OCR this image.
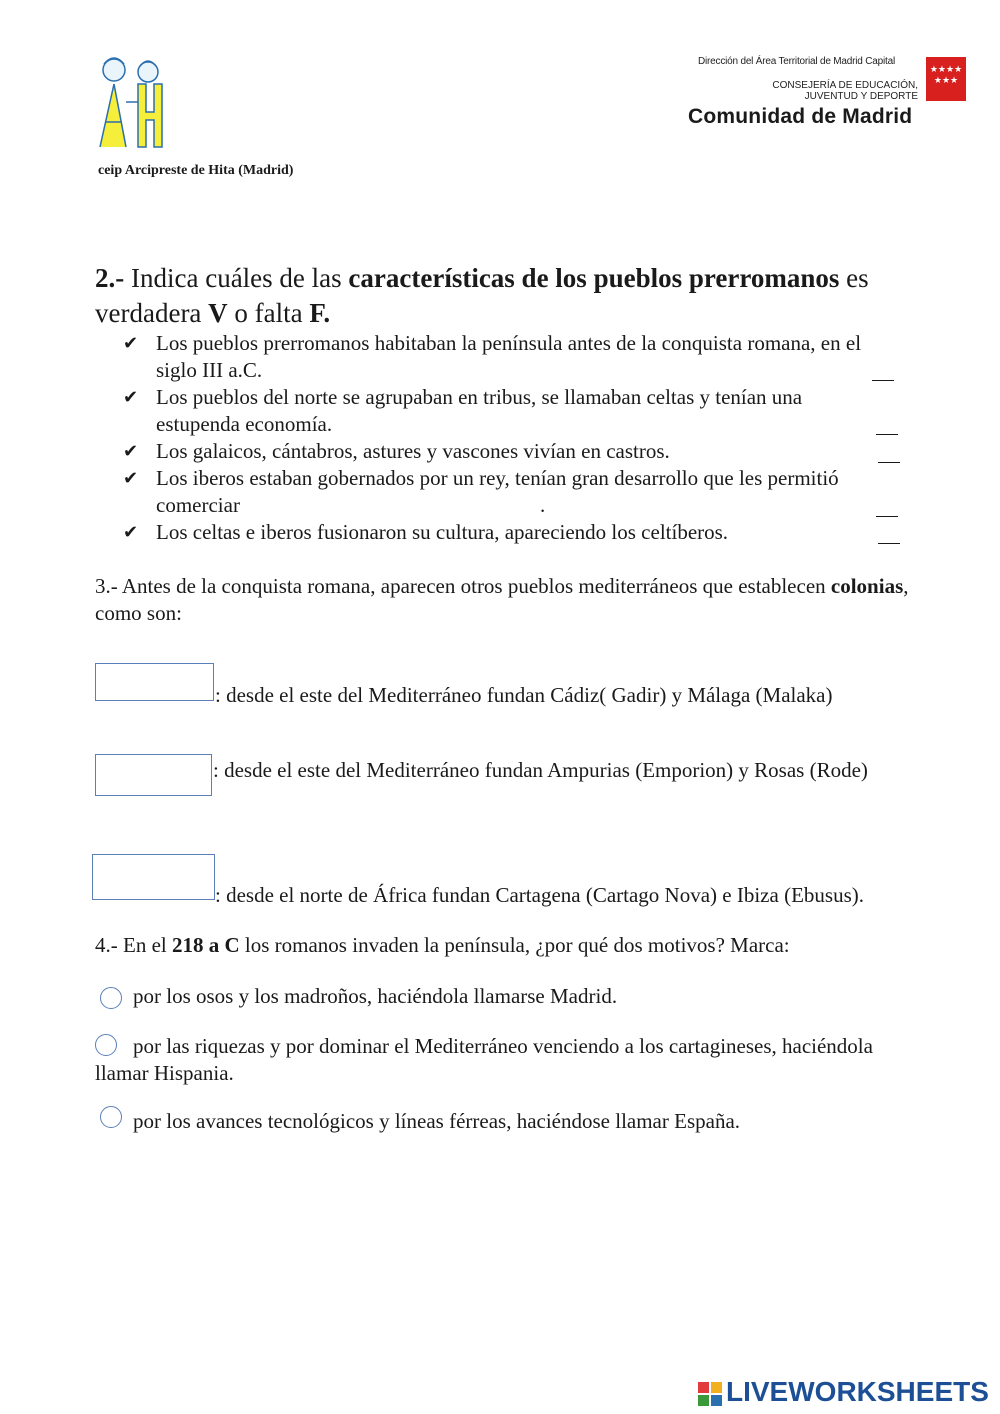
ceip Arcipreste de Hita (Madrid)
Dirección del Área Territorial de Madrid Capital
CONSEJERÍA DE EDUCACIÓN,
JUVENTUD Y DEPORTE
★★★★
★★★
Comunidad de Madrid
2.- Indica cuáles de las características de los pueblos prerromanos es verdadera V o falta F.
✔ Los pueblos prerromanos habitaban la península antes de la conquista romana, en el siglo III a.C.
✔ Los pueblos del norte se agrupaban en tribus, se llamaban celtas y tenían una estupenda economía.
✔ Los galaicos, cántabros, astures y vascones vivían en castros.
✔ Los iberos estaban gobernados por un rey, tenían gran desarrollo que les permitió comerciar	.
✔ Los celtas e iberos fusionaron su cultura, apareciendo los celtíberos.
3.- Antes de la conquista romana, aparecen otros pueblos mediterráneos que establecen colonias, como son:
: desde el este del Mediterráneo fundan Cádiz( Gadir) y Málaga (Malaka)
: desde el este del Mediterráneo fundan Ampurias (Emporion) y Rosas (Rode)
: desde el norte de África fundan Cartagena (Cartago Nova) e Ibiza (Ebusus).
4.- En el 218 a C los romanos invaden la península, ¿por qué dos motivos? Marca:
por los osos y los madroños, haciéndola llamarse Madrid.
por las riquezas y por dominar el Mediterráneo venciendo a los cartagineses, haciéndola llamar Hispania.
por los avances tecnológicos y líneas férreas, haciéndose llamar España.
LIVEWORKSHEETS
